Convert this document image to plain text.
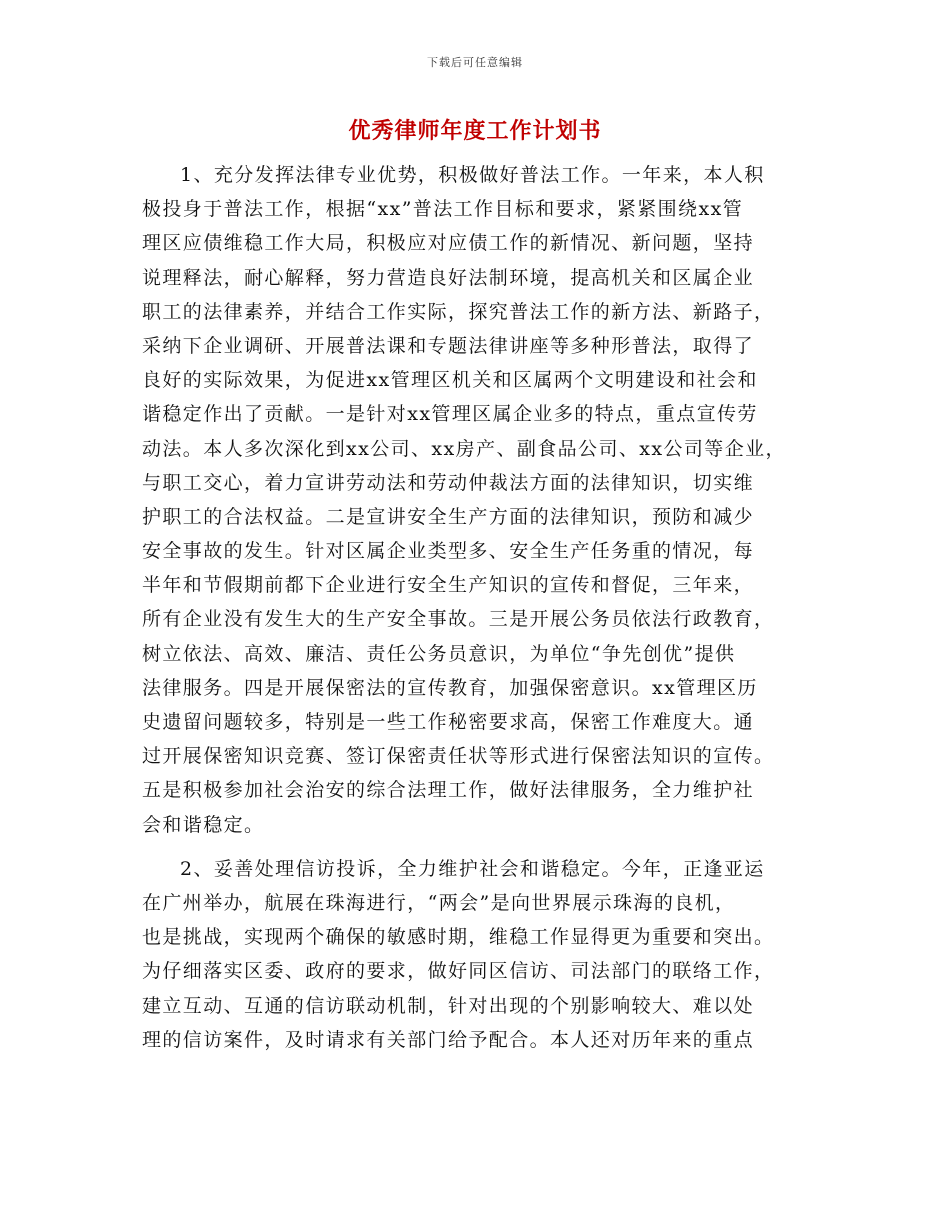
下载后可任意编辑
优秀律师年度工作计划书
1、充分发挥法律专业优势，积极做好普法工作。一年来，本人积
极投身于普法工作，根据“xx”普法工作目标和要求，紧紧围绕xx管
理区应债维稳工作大局，积极应对应债工作的新情况、新问题，坚持
说理释法，耐心解释，努力营造良好法制环境，提高机关和区属企业
职工的法律素养，并结合工作实际，探究普法工作的新方法、新路子，
采纳下企业调研、开展普法课和专题法律讲座等多种形普法，取得了
良好的实际效果，为促进xx管理区机关和区属两个文明建设和社会和
谐稳定作出了贡献。一是针对xx管理区属企业多的特点，重点宣传劳
动法。本人多次深化到xx公司、xx房产、副食品公司、xx公司等企业，
与职工交心，着力宣讲劳动法和劳动仲裁法方面的法律知识，切实维
护职工的合法权益。二是宣讲安全生产方面的法律知识，预防和减少
安全事故的发生。针对区属企业类型多、安全生产任务重的情况，每
半年和节假期前都下企业进行安全生产知识的宣传和督促，三年来，
所有企业没有发生大的生产安全事故。三是开展公务员依法行政教育，
树立依法、高效、廉洁、责任公务员意识，为单位“争先创优”提供
法律服务。四是开展保密法的宣传教育，加强保密意识。xx管理区历
史遗留问题较多，特别是一些工作秘密要求高，保密工作难度大。通
过开展保密知识竞赛、签订保密责任状等形式进行保密法知识的宣传。
五是积极参加社会治安的综合法理工作，做好法律服务，全力维护社
会和谐稳定。
2、妥善处理信访投诉，全力维护社会和谐稳定。今年，正逢亚运
在广州举办，航展在珠海进行，“两会”是向世界展示珠海的良机，
也是挑战，实现两个确保的敏感时期，维稳工作显得更为重要和突出。
为仔细落实区委、政府的要求，做好同区信访、司法部门的联络工作，
建立互动、互通的信访联动机制，针对出现的个别影响较大、难以处
理的信访案件，及时请求有关部门给予配合。本人还对历年来的重点
